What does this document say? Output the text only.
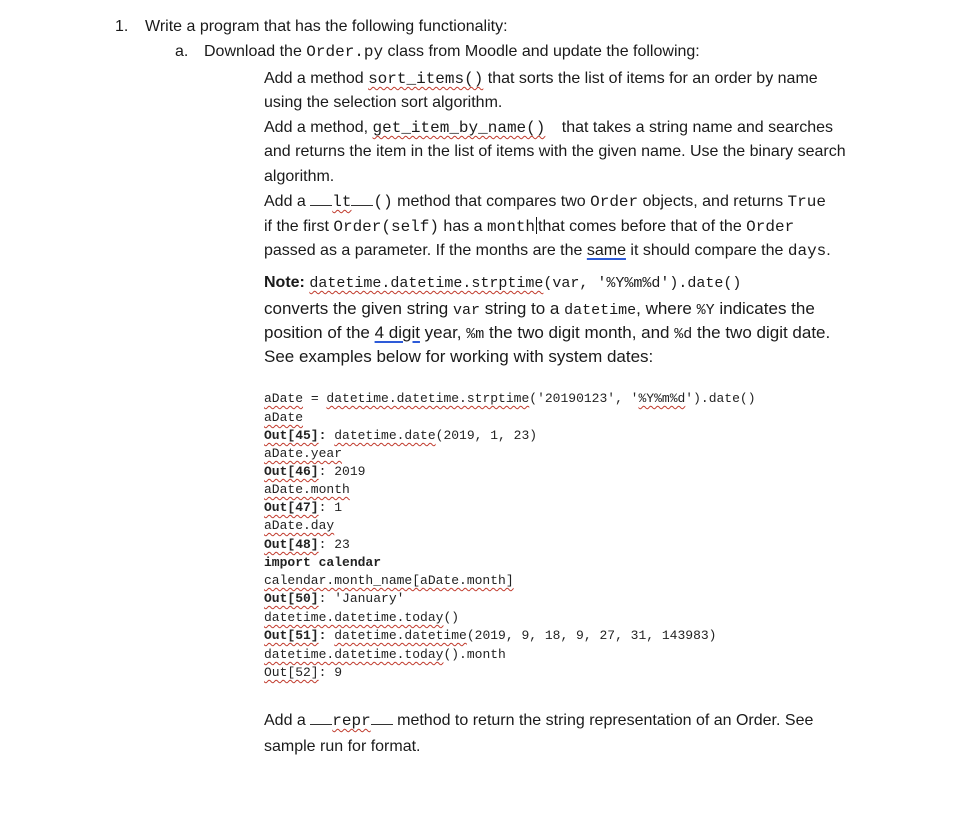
1. Write a program that has the following functionality:
a. Download the Order.py class from Moodle and update the following:
Add a method sort_items() that sorts the list of items for an order by name
using the selection sort algorithm.
Add a method, get_item_by_name() that takes a string name and searches
and returns the item in the list of items with the given name. Use the binary search
algorithm.
Add a lt () method that compares two Order objects, and returns True
if the first Order(self) has a month that comes before that of the Order
passed as a parameter. If the months are the same it should compare the days.
Note: datetime.datetime.strptime(var, '%Y%m%d').date()
converts the given string var string to a datetime, where %Y indicates the
position of the 4 digit year, %m the two digit month, and %d the two digit date.
See examples below for working with system dates:
aDate = datetime.datetime.strptime('20190123', '%Y%m%d').date()
aDate
Out[45]: datetime.date(2019, 1, 23)
aDate.year
Out[46]: 2019
aDate.month
Out[47]: 1
aDate.day
Out[48]: 23
import calendar
calendar.month_name[aDate.month]
Out[50]: 'January'
datetime.datetime.today()
Out[51]: datetime.datetime(2019, 9, 18, 9, 27, 31, 143983)
datetime.datetime.today().month
Out[52]: 9
Add a repr method to return the string representation of an Order. See
sample run for format.
